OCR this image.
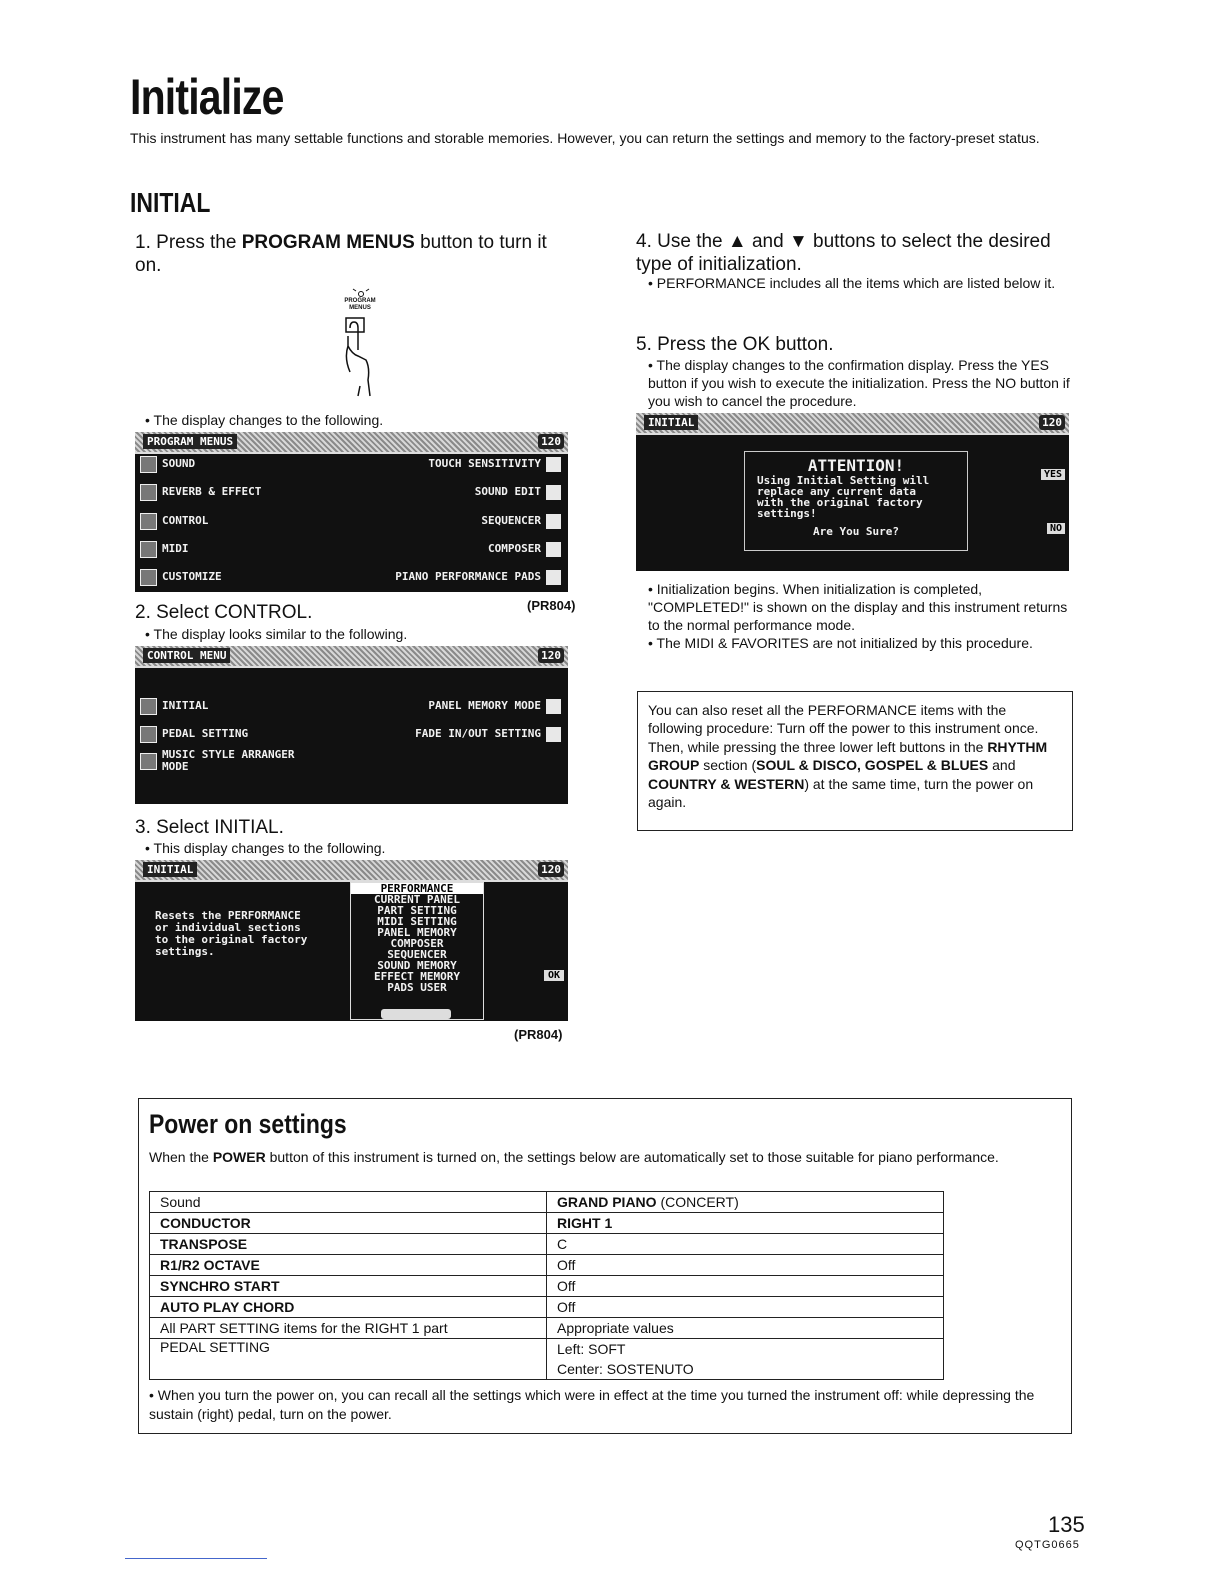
Initialize
This instrument has many settable functions and storable memories. However, you can return the settings and memory to the factory-preset status.
INITIAL
1. Press the PROGRAM MENUS button to turn it on.
PROGRAM MENUS
• The display changes to the following.
PROGRAM MENUS	120
SOUND
REVERB & EFFECT
CONTROL
MIDI
CUSTOMIZE
TOUCH SENSITIVITY
SOUND EDIT
SEQUENCER
COMPOSER
PIANO PERFORMANCE PADS
2. Select CONTROL.	(PR804)
• The display looks similar to the following.
CONTROL MENU	120
INITIAL
PEDAL SETTING
MUSIC STYLE ARRANGER
MODE
PANEL MEMORY MODE
FADE IN/OUT SETTING
3. Select INITIAL.
• This display changes to the following.
INITIAL	120
Resets the PERFORMANCE
or individual sections
to the original factory
settings.
PERFORMANCE
CURRENT PANEL
PART SETTING
MIDI SETTING
PANEL MEMORY
COMPOSER
SEQUENCER
SOUND MEMORY
EFFECT MEMORY
PADS USER
OK
(PR804)
4. Use the ▲ and ▼ buttons to select the desired type of initialization.
• PERFORMANCE includes all the items which are listed below it.
5. Press the OK button.
• The display changes to the confirmation display. Press the YES button if you wish to execute the initialization. Press the NO button if you wish to cancel the procedure.
INITIAL	120
ATTENTION!
Using Initial Setting will
replace any current data
with the original factory
settings!
Are You Sure?
YES
NO
• Initialization begins. When initialization is completed, "COMPLETED!" is shown on the display and this instrument returns to the normal performance mode.
• The MIDI & FAVORITES are not initialized by this procedure.
You can also reset all the PERFORMANCE items with the following procedure: Turn off the power to this instrument once. Then, while pressing the three lower left buttons in the RHYTHM GROUP section (SOUL & DISCO, GOSPEL & BLUES and COUNTRY & WESTERN) at the same time, turn the power on again.
Power on settings
When the POWER button of this instrument is turned on, the settings below are automatically set to those suitable for piano performance.
Sound	GRAND PIANO (CONCERT)
CONDUCTOR	RIGHT 1
TRANSPOSE	C
R1/R2 OCTAVE	Off
SYNCHRO START	Off
AUTO PLAY CHORD	Off
All PART SETTING items for the RIGHT 1 part	Appropriate values
PEDAL SETTING	Left: SOFT
Center: SOSTENUTO
• When you turn the power on, you can recall all the settings which were in effect at the time you turned the instrument off: while depressing the sustain (right) pedal, turn on the power.
135
QQTG0665
